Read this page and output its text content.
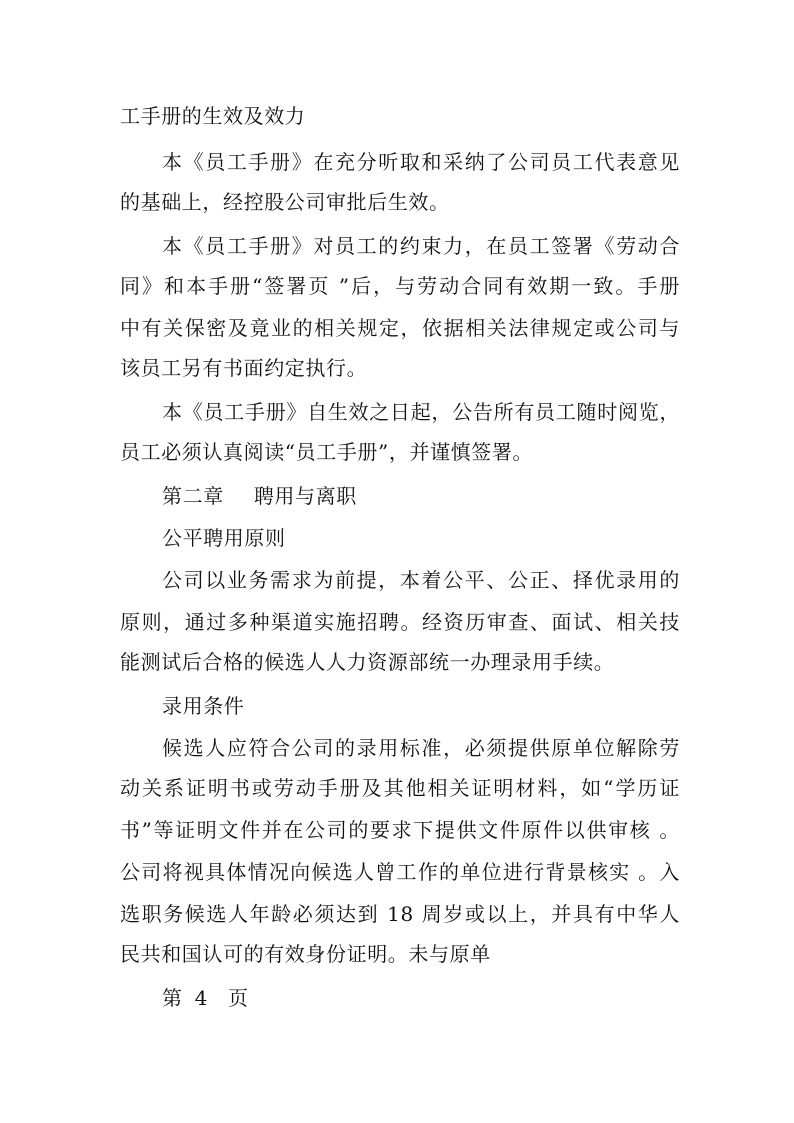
工手册的生效及效力
本《员工手册》在充分听取和采纳了公司员工代表意见
的基础上，经控股公司审批后生效。
本《员工手册》对员工的约束力，在员工签署《劳动合
同》和本手册“签署页 ”后，与劳动合同有效期一致。手册
中有关保密及竟业的相关规定，依据相关法律规定或公司与
该员工另有书面约定执行。
本《员工手册》自生效之日起，公告所有员工随时阅览，
员工必须认真阅读“员工手册”，并谨慎签署。
第二章 聘用与离职
公平聘用原则
公司以业务需求为前提，本着公平、公正、择优录用的
原则，通过多种渠道实施招聘。经资历审查、面试、相关技
能测试后合格的候选人人力资源部统一办理录用手续。
录用条件
候选人应符合公司的录用标准，必须提供原单位解除劳
动关系证明书或劳动手册及其他相关证明材料，如“学历证
书”等证明文件并在公司的要求下提供文件原件以供审核 。
公司将视具体情况向候选人曾工作的单位进行背景核实 。入
选职务候选人年龄必须达到 18 周岁或以上，并具有中华人
民共和国认可的有效身份证明。未与原单
第 4 页
